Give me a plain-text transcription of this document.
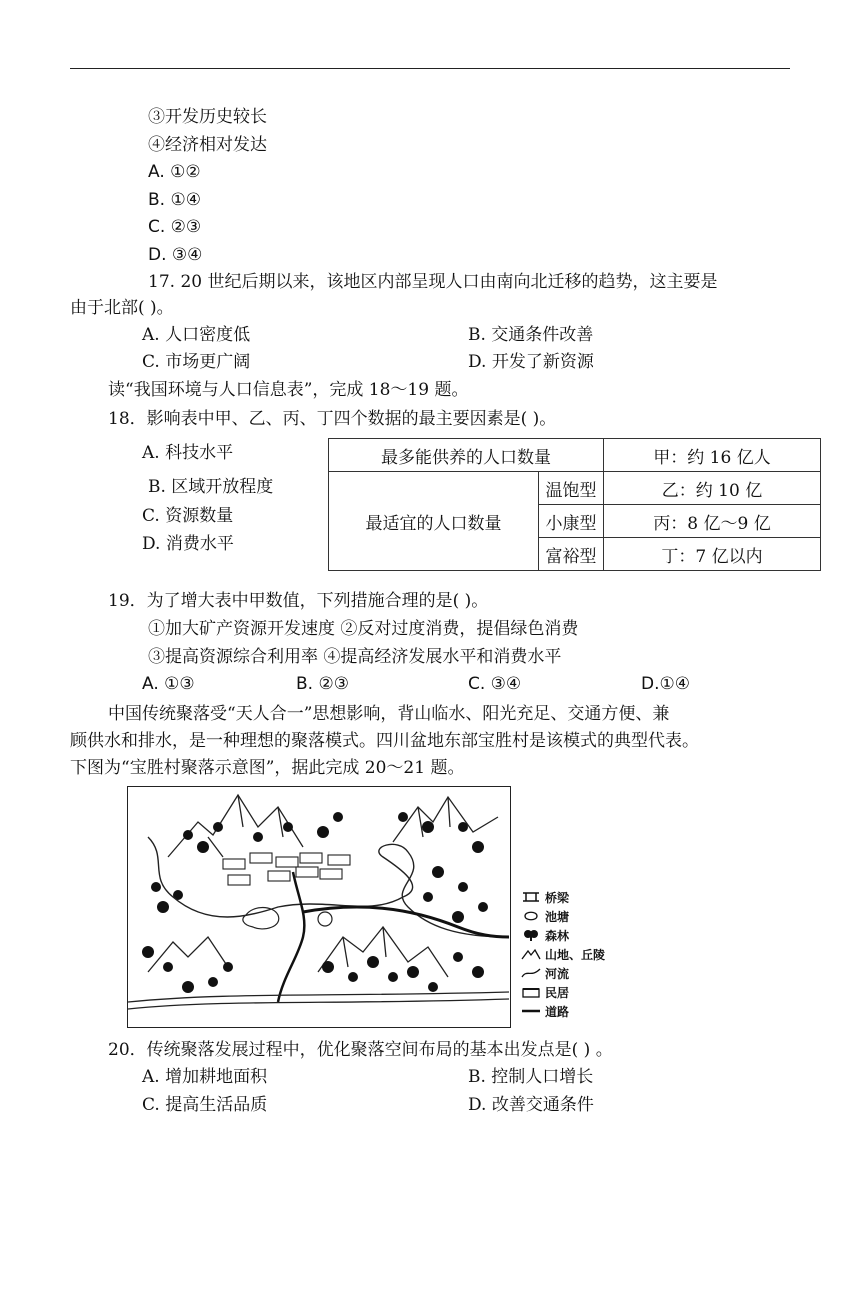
③开发历史较长
④经济相对发达
A. ①②
B. ①④
C. ②③
D. ③④
17. 20 世纪后期以来，该地区内部呈现人口由南向北迁移的趋势，这主要是
由于北部( )。
A. 人口密度低	B. 交通条件改善
C. 市场更广阔	D. 开发了新资源
读“我国环境与人口信息表”，完成 18～19 题。
18．影响表中甲、乙、丙、丁四个数据的最主要因素是( )。
A. 科技水平
B. 区域开放程度
C. 资源数量
D. 消费水平
最多能供养的人口数量		甲：约 16 亿人
最适宜的人口数量	温饱型	乙：约 10 亿
	小康型	丙：8 亿～9 亿
	富裕型	丁：7 亿以内
19．为了增大表中甲数值，下列措施合理的是( )。
①加大矿产资源开发速度 ②反对过度消费，提倡绿色消费
③提高资源综合利用率 ④提高经济发展水平和消费水平
A. ①③	B. ②③	C. ③④	D.①④
中国传统聚落受“天人合一”思想影响，背山临水、阳光充足、交通方便、兼
顾供水和排水，是一种理想的聚落模式。四川盆地东部宝胜村是该模式的典型代表。
下图为“宝胜村聚落示意图”，据此完成 20～21 题。
桥梁
池塘
森林
山地、丘陵
河流
民居
道路
20．传统聚落发展过程中，优化聚落空间布局的基本出发点是( ) 。
A. 增加耕地面积	B. 控制人口增长
C. 提高生活品质	D. 改善交通条件
